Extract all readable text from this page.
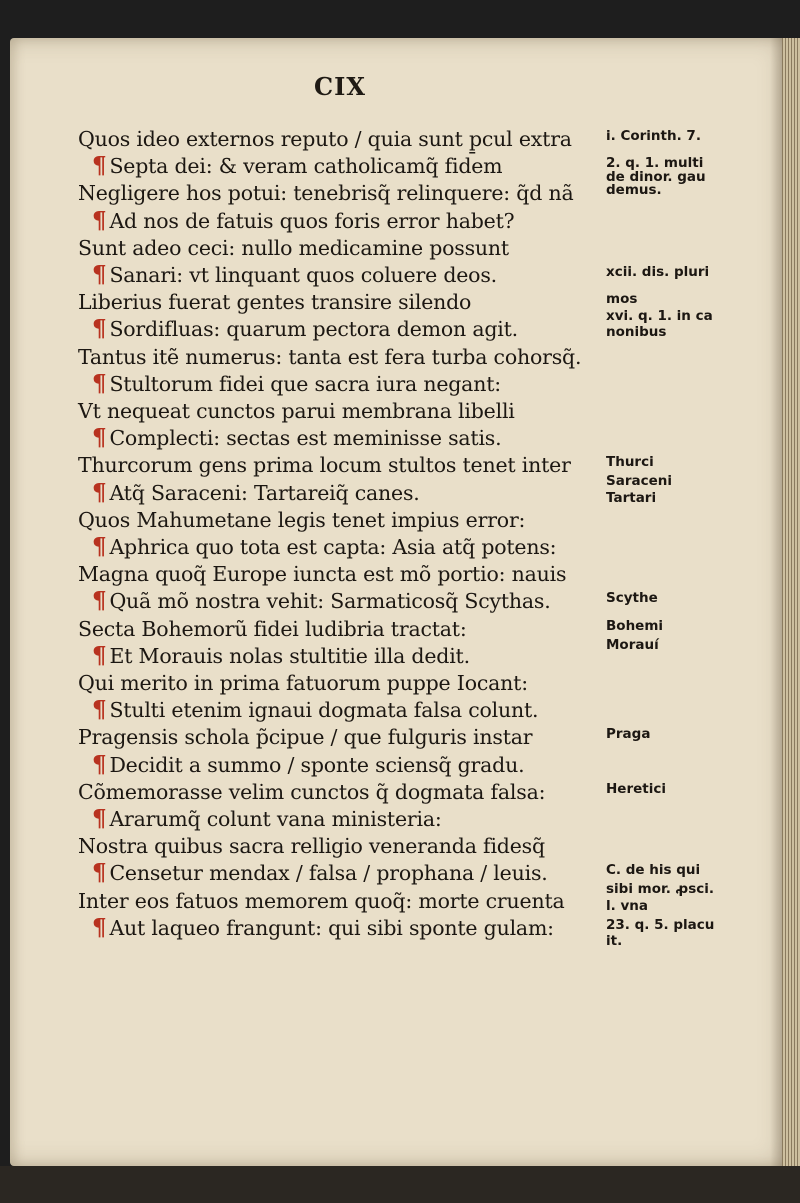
CIX
Quos ideo externos reputo / quia sunt p̱cul extra
¶ Septa dei: & veram catholicamq̃ fidem
Negligere hos potui: tenebrisq̃ relinquere: q̃d nã
¶ Ad nos de fatuis quos foris error habet?
Sunt adeo ceci: nullo medicamine possunt
¶ Sanari: vt linquant quos coluere deos.
Liberius fuerat gentes transire silendo
¶ Sordifluas: quarum pectora demon agit.
Tantus itẽ numerus: tanta est fera turba cohorsq̃.
¶ Stultorum fidei que sacra iura negant:
Vt nequeat cunctos parui membrana libelli
¶ Complecti: sectas est meminisse satis.
Thurcorum gens prima locum stultos tenet inter
¶ Atq̃ Saraceni: Tartareiq̃ canes.
Quos Mahumetane legis tenet impius error:
¶ Aphrica quo tota est capta: Asia atq̃ potens:
Magna quoq̃ Europe iuncta est mõ portio: nauis
¶ Quã mõ nostra vehit: Sarmaticosq̃ Scythas.
Secta Bohemorũ fidei ludibria tractat:
¶ Et Morauis nolas stultitie illa dedit.
Qui merito in prima fatuorum puppe Iocant:
¶ Stulti etenim ignaui dogmata falsa colunt.
Pragensis schola p̃cipue / que fulguris instar
¶ Decidit a summo / sponte sciensq̃ gradu.
Cõmemorasse velim cunctos q̃ dogmata falsa:
¶ Ararumq̃ colunt vana ministeria:
Nostra quibus sacra relligio veneranda fidesq̃
¶ Censetur mendax / falsa / prophana / leuis.
Inter eos fatuos memorem quoq̃: morte cruenta
¶ Aut laqueo frangunt: qui sibi sponte gulam:
i. Corinth. 7.
2. q. 1. multi
de dinor. gau
demus.
xcii. dis. pluri
mos
xvi. q. 1. in ca
nonibus
Thurci
Saraceni
Tartari
Scythe
Bohemi
Morauí
Praga
Heretici
C. de his qui
sibi mor. ꝓsci.
l. vna
23. q. 5. placu
it.
